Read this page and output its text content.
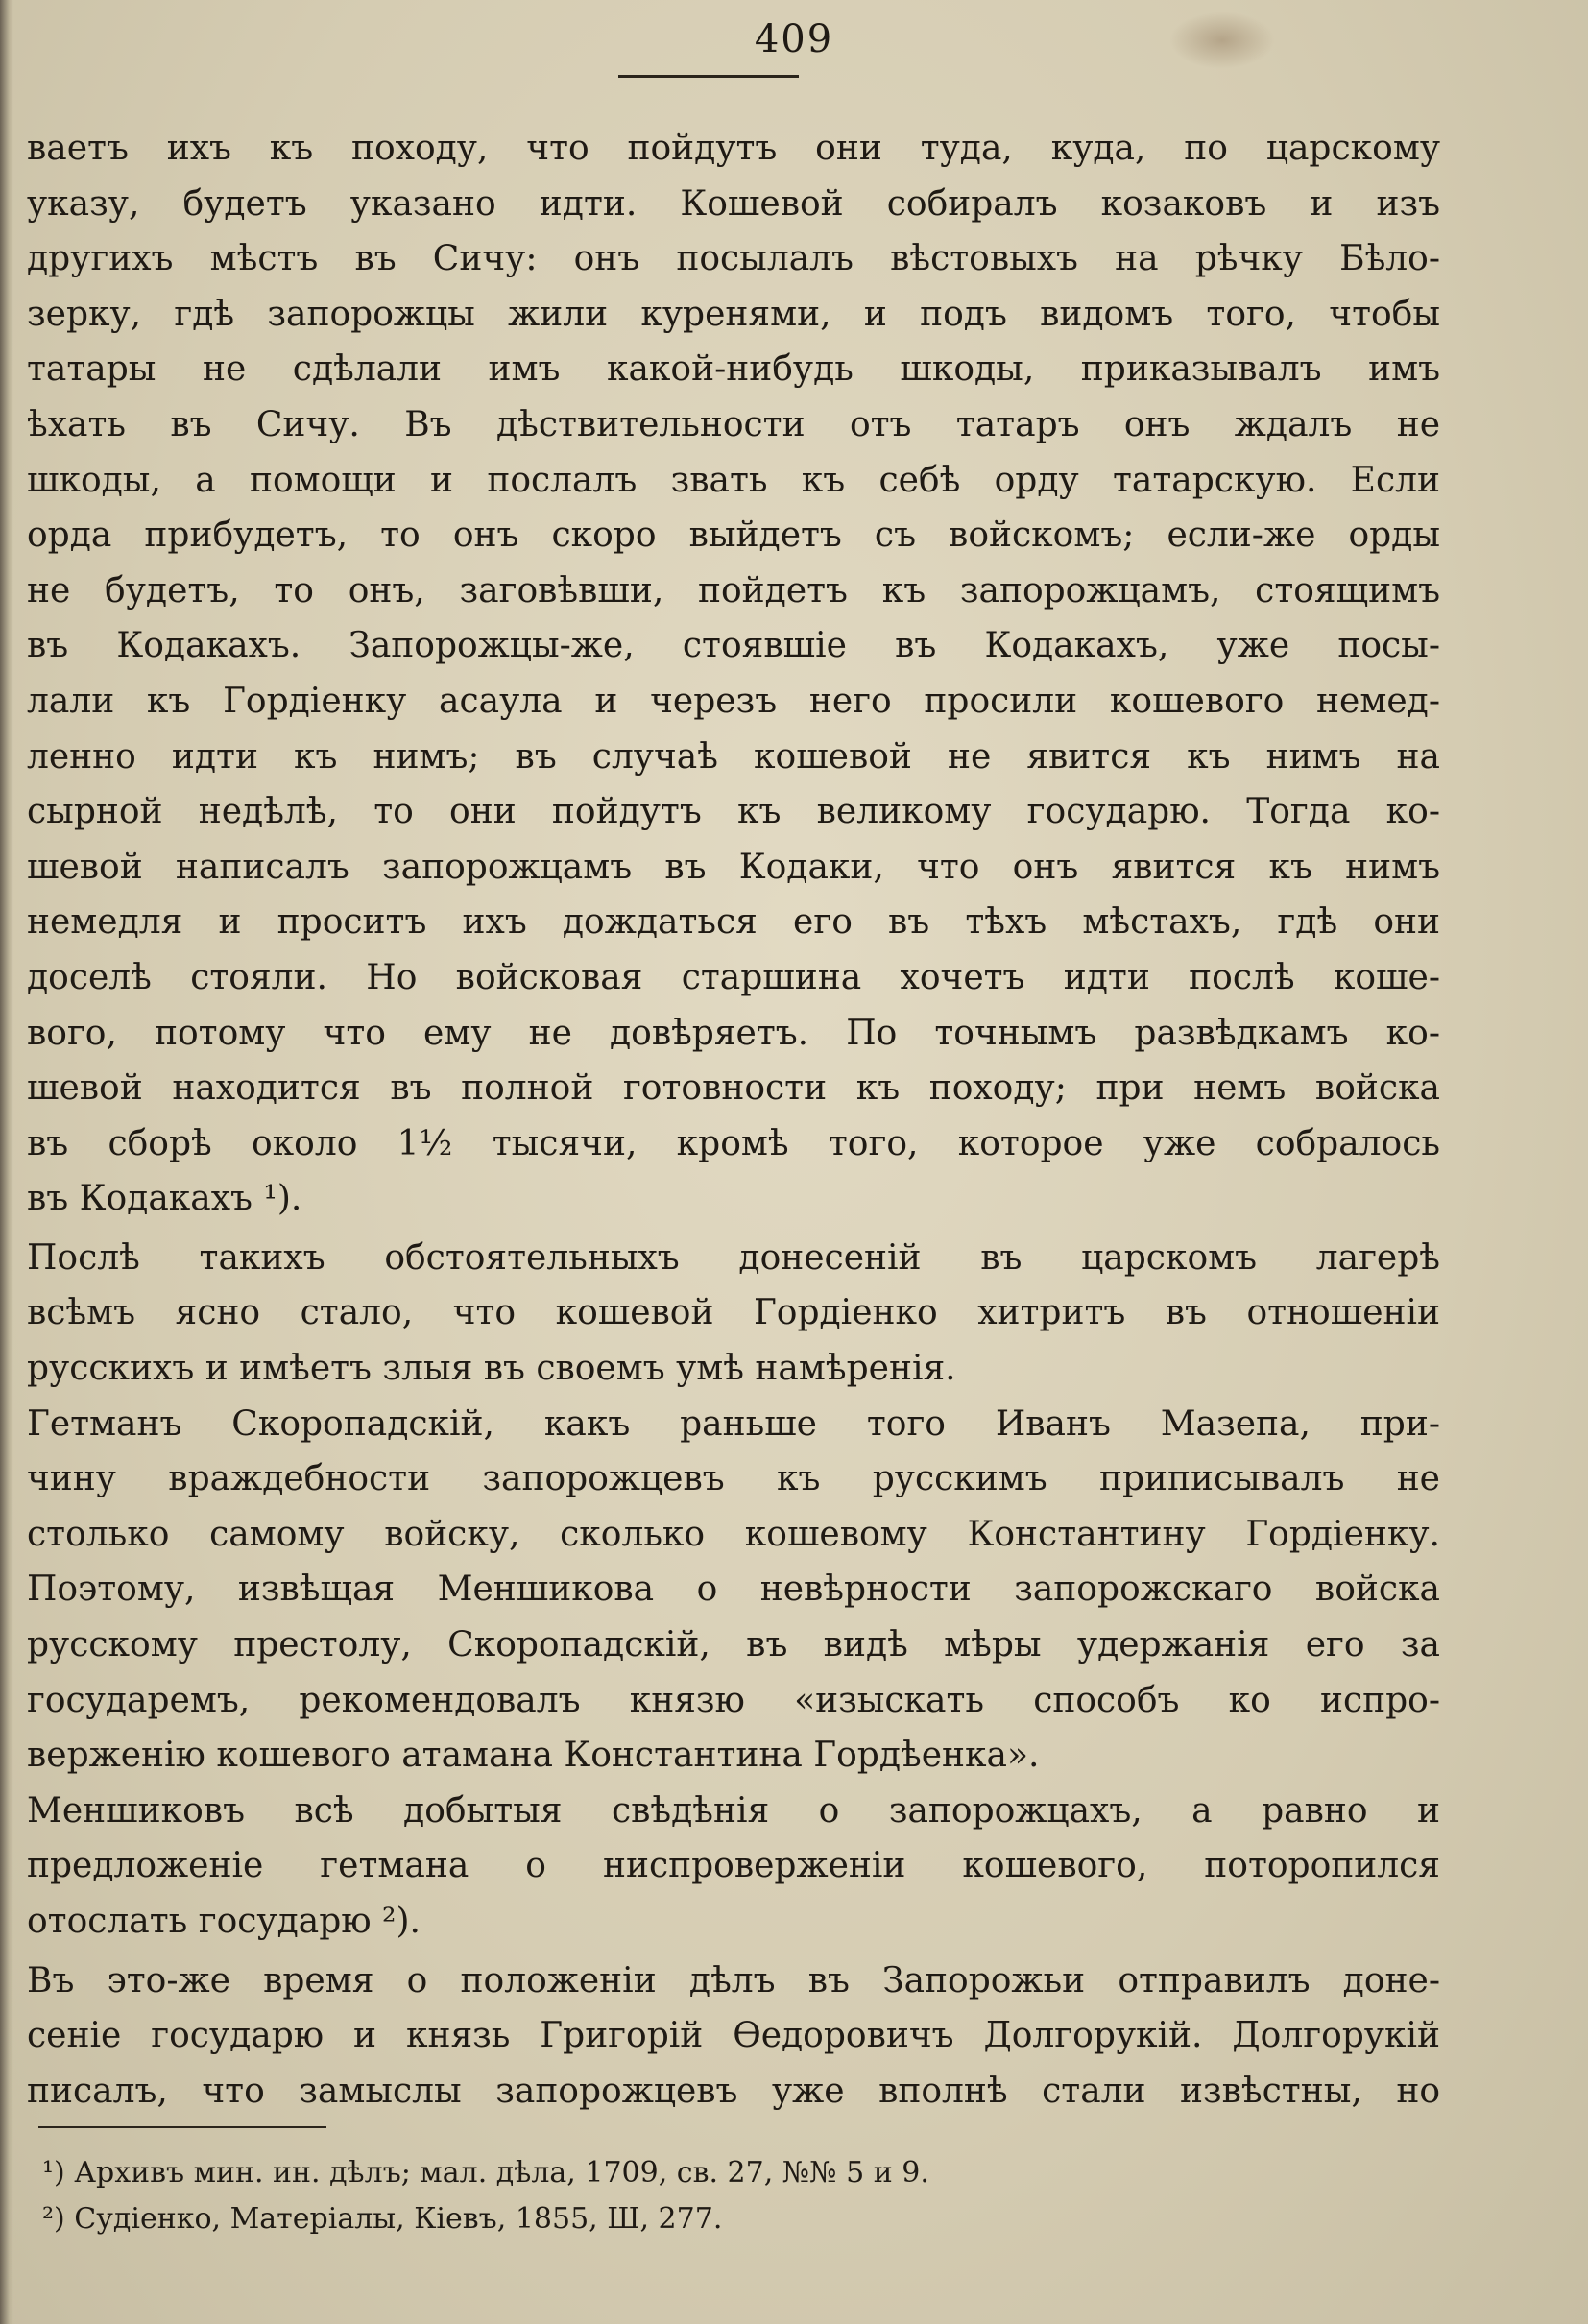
409
ваетъ ихъ къ походу, что пойдутъ они туда, куда, по царскому
указу, будетъ указано идти. Кошевой собиралъ козаковъ и изъ
другихъ мѣстъ въ Сичу: онъ посылалъ вѣстовыхъ на рѣчку Бѣло-
зерку, гдѣ запорожцы жили куренями, и подъ видомъ того, чтобы
татары не сдѣлали имъ какой-нибудь шкоды, приказывалъ имъ
ѣхать въ Сичу. Въ дѣствительности отъ татаръ онъ ждалъ не
шкоды, а помощи и послалъ звать къ себѣ орду татарскую. Если
орда прибудетъ, то онъ скоро выйдетъ съ войскомъ; если-же орды
не будетъ, то онъ, заговѣвши, пойдетъ къ запорожцамъ, стоящимъ
въ Кодакахъ. Запорожцы-же, стоявшіе въ Кодакахъ, уже посы-
лали къ Гордіенку асаула и черезъ него просили кошевого немед-
ленно идти къ нимъ; въ случаѣ кошевой не явится къ нимъ на
сырной недѣлѣ, то они пойдутъ къ великому государю. Тогда ко-
шевой написалъ запорожцамъ въ Кодаки, что онъ явится къ нимъ
немедля и проситъ ихъ дождаться его въ тѣхъ мѣстахъ, гдѣ они
доселѣ стояли. Но войсковая старшина хочетъ идти послѣ коше-
вого, потому что ему не довѣряетъ. По точнымъ развѣдкамъ ко-
шевой находится въ полной готовности къ походу; при немъ войска
въ сборѣ около 1½ тысячи, кромѣ того, которое уже собралось
въ Кодакахъ ¹).
Послѣ такихъ обстоятельныхъ донесеній въ царскомъ лагерѣ
всѣмъ ясно стало, что кошевой Гордіенко хитритъ въ отношеніи
русскихъ и имѣетъ злыя въ своемъ умѣ намѣренія.
Гетманъ Скоропадскій, какъ раньше того Иванъ Мазепа, при-
чину враждебности запорожцевъ къ русскимъ приписывалъ не
столько самому войску, сколько кошевому Константину Гордіенку.
Поэтому, извѣщая Меншикова о невѣрности запорожскаго войска
русскому престолу, Скоропадскій, въ видѣ мѣры удержанія его за
государемъ, рекомендовалъ князю «изыскать способъ ко испро-
верженію кошевого атамана Константина Гордѣенка».
Меншиковъ всѣ добытыя свѣдѣнія о запорожцахъ, а равно и
предложеніе гетмана о ниспроверженіи кошевого, поторопился
отослать государю ²).
Въ это-же время о положеніи дѣлъ въ Запорожьи отправилъ доне-
сеніе государю и князь Григорій Ѳедоровичъ Долгорукій. Долгорукій
писалъ, что замыслы запорожцевъ уже вполнѣ стали извѣстны, но
¹) Архивъ мин. ин. дѣлъ; мал. дѣла, 1709, св. 27, №№ 5 и 9.
²) Судіенко, Матеріалы, Кіевъ, 1855, Ш, 277.
